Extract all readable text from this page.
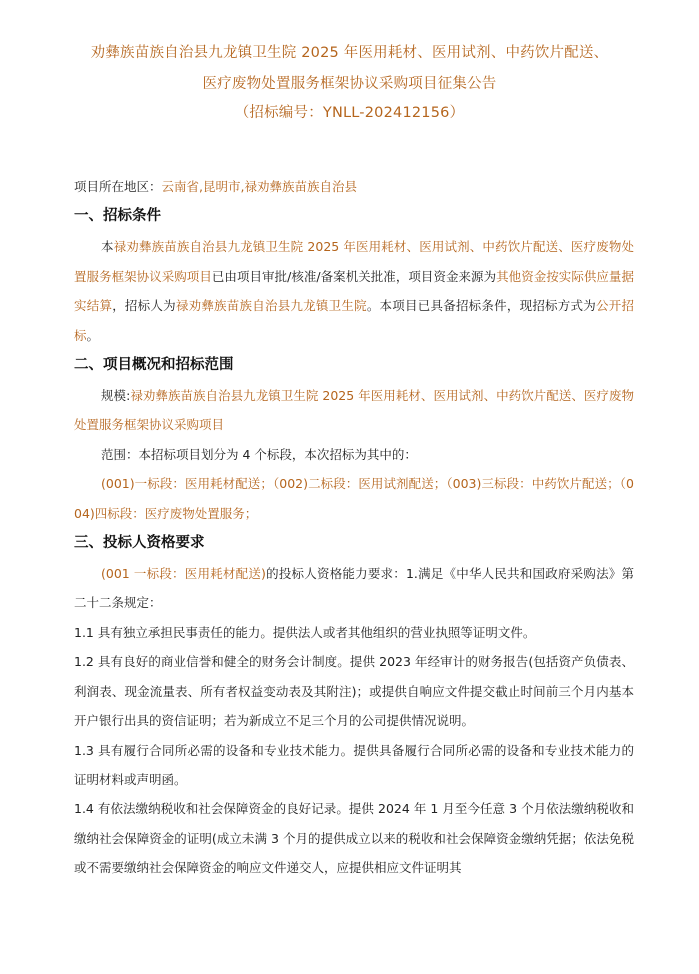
劝彝族苗族自治县九龙镇卫生院 2025 年医用耗材、医用试剂、中药饮片配送、

医疗废物处置服务框架协议采购项目征集公告

（招标编号：YNLL-202412156）

项目所在地区：云南省,昆明市,禄劝彝族苗族自治县

一、招标条件

本禄劝彝族苗族自治县九龙镇卫生院 2025 年医用耗材、医用试剂、中药饮片配送、医疗废物处置服务框架协议采购项目已由项目审批/核准/备案机关批准，项目资金来源为其他资金按实际供应量据实结算，招标人为禄劝彝族苗族自治县九龙镇卫生院。本项目已具备招标条件，现招标方式为公开招标。

二、项目概况和招标范围

规模:禄劝彝族苗族自治县九龙镇卫生院 2025 年医用耗材、医用试剂、中药饮片配送、医疗废物处置服务框架协议采购项目

范围：本招标项目划分为 4 个标段，本次招标为其中的：

(001)一标段：医用耗材配送；（002)二标段：医用试剂配送；（003)三标段：中药饮片配送；（004)四标段：医疗废物处置服务；

三、投标人资格要求

(001 一标段：医用耗材配送)的投标人资格能力要求：1.满足《中华人民共和国政府采购法》第二十二条规定：

1.1 具有独立承担民事责任的能力。提供法人或者其他组织的营业执照等证明文件。

1.2 具有良好的商业信誉和健全的财务会计制度。提供 2023 年经审计的财务报告(包括资产负债表、利润表、现金流量表、所有者权益变动表及其附注)；或提供自响应文件提交截止时间前三个月内基本开户银行出具的资信证明；若为新成立不足三个月的公司提供情况说明。

1.3 具有履行合同所必需的设备和专业技术能力。提供具备履行合同所必需的设备和专业技术能力的证明材料或声明函。

1.4 有依法缴纳税收和社会保障资金的良好记录。提供 2024 年 1 月至今任意 3 个月依法缴纳税收和缴纳社会保障资金的证明(成立未满 3 个月的提供成立以来的税收和社会保障资金缴纳凭据；依法免税或不需要缴纳社会保障资金的响应文件递交人，应提供相应文件证明其
